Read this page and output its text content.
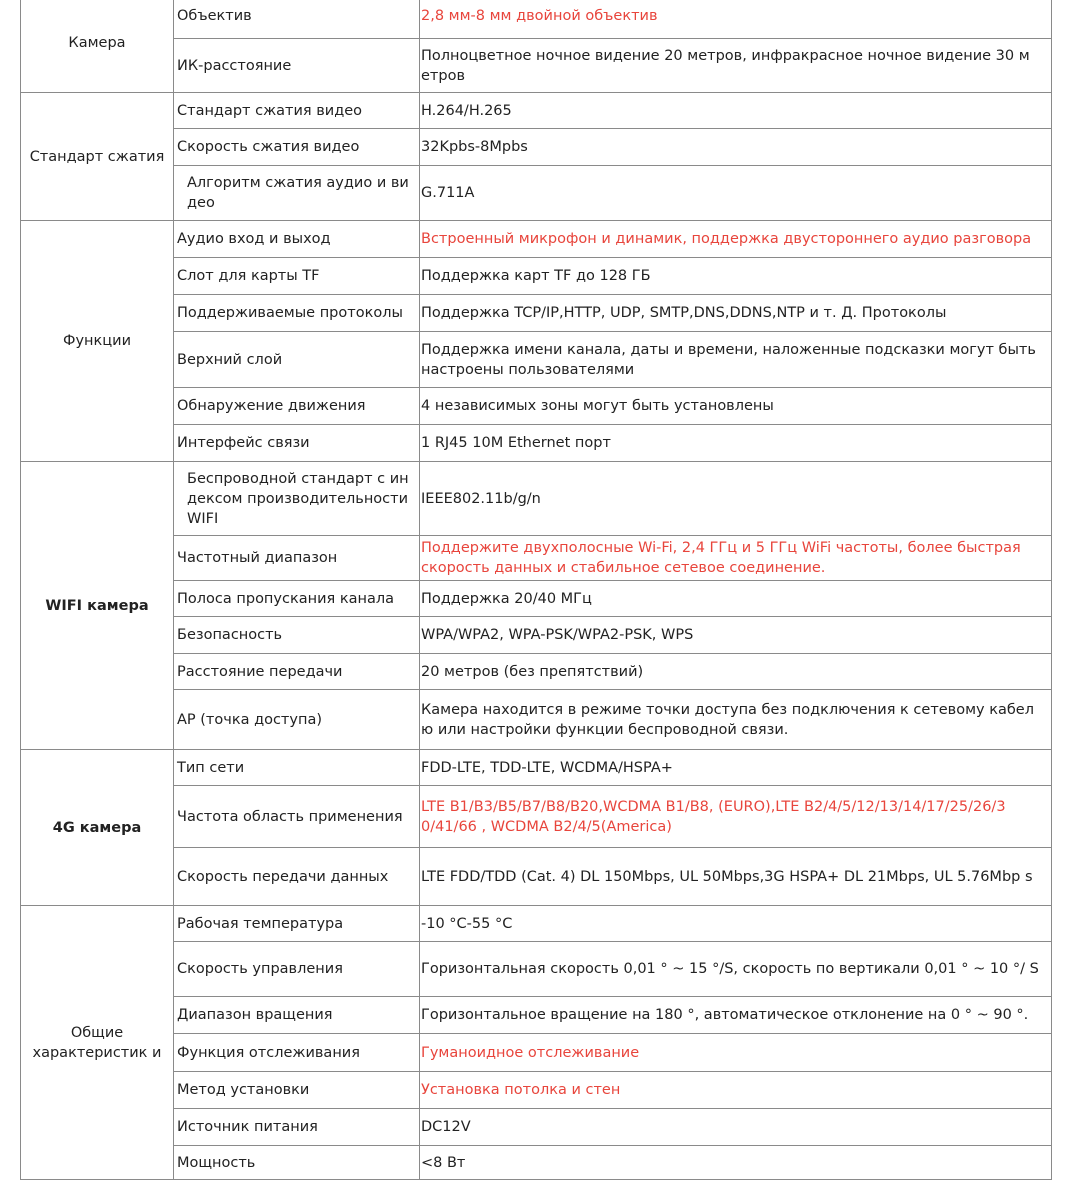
Камера	Объектив	2,8 мм-8 мм двойной объектив
	ИК-расстояние	Полноцветное ночное видение 20 метров, инфракрасное ночное видение 30 м етров
Стандарт сжатия	Стандарт сжатия видео	H.264/H.265
	Скорость сжатия видео	32Kpbs-8Mpbs
	Алгоритм сжатия аудио и ви део	G.711A
Функции	Аудио вход и выход	Встроенный микрофон и динамик, поддержка двустороннего аудио разговора
	Слот для карты TF	Поддержка карт TF до 128 ГБ
	Поддерживаемые протоколы	Поддержка TCP/IP,HTTP, UDP, SMTP,DNS,DDNS,NTP и т. Д. Протоколы
	Верхний слой	Поддержка имени канала, даты и времени, наложенные подсказки могут быть настроены пользователями
	Обнаружение движения	4 независимых зоны могут быть установлены
	Интерфейс связи	1 RJ45 10M Ethernet порт
WIFI камера	Беспроводной стандарт с ин дексом производительности WIFI	IEEE802.11b/g/n
	Частотный диапазон	Поддержите двухполосные Wi-Fi, 2,4 ГГц и 5 ГГц WiFi частоты, более быстрая скорость данных и стабильное сетевое соединение.
	Полоса пропускания канала	Поддержка 20/40 МГц
	Безопасность	WPA/WPA2, WPA-PSK/WPA2-PSK, WPS
	Расстояние передачи	20 метров (без препятствий)
	AP (точка доступа)	Камера находится в режиме точки доступа без подключения к сетевому кабел ю или настройки функции беспроводной связи.
4G камера	Тип сети	FDD-LTE, TDD-LTE, WCDMA/HSPA+
	Частота область применения	LTE B1/B3/B5/B7/B8/B20,WCDMA B1/B8, (EURO),LTE B2/4/5/12/13/14/17/25/26/3 0/41/66 , WCDMA B2/4/5(America)
	Скорость передачи данных	LTE FDD/TDD (Cat. 4) DL 150Mbps, UL 50Mbps,3G HSPA+ DL 21Mbps, UL 5.76Mbp s
Общие характеристик и	Рабочая температура	-10 °C-55 °C
	Скорость управления	Горизонтальная скорость 0,01 ° ~ 15 °/S, скорость по вертикали 0,01 ° ~ 10 °/ S
	Диапазон вращения	Горизонтальное вращение на 180 °, автоматическое отклонение на 0 ° ~ 90 °.
	Функция отслеживания	Гуманоидное отслеживание
	Метод установки	Установка потолка и стен
	Источник питания	DC12V
	Мощность	<8 Вт
